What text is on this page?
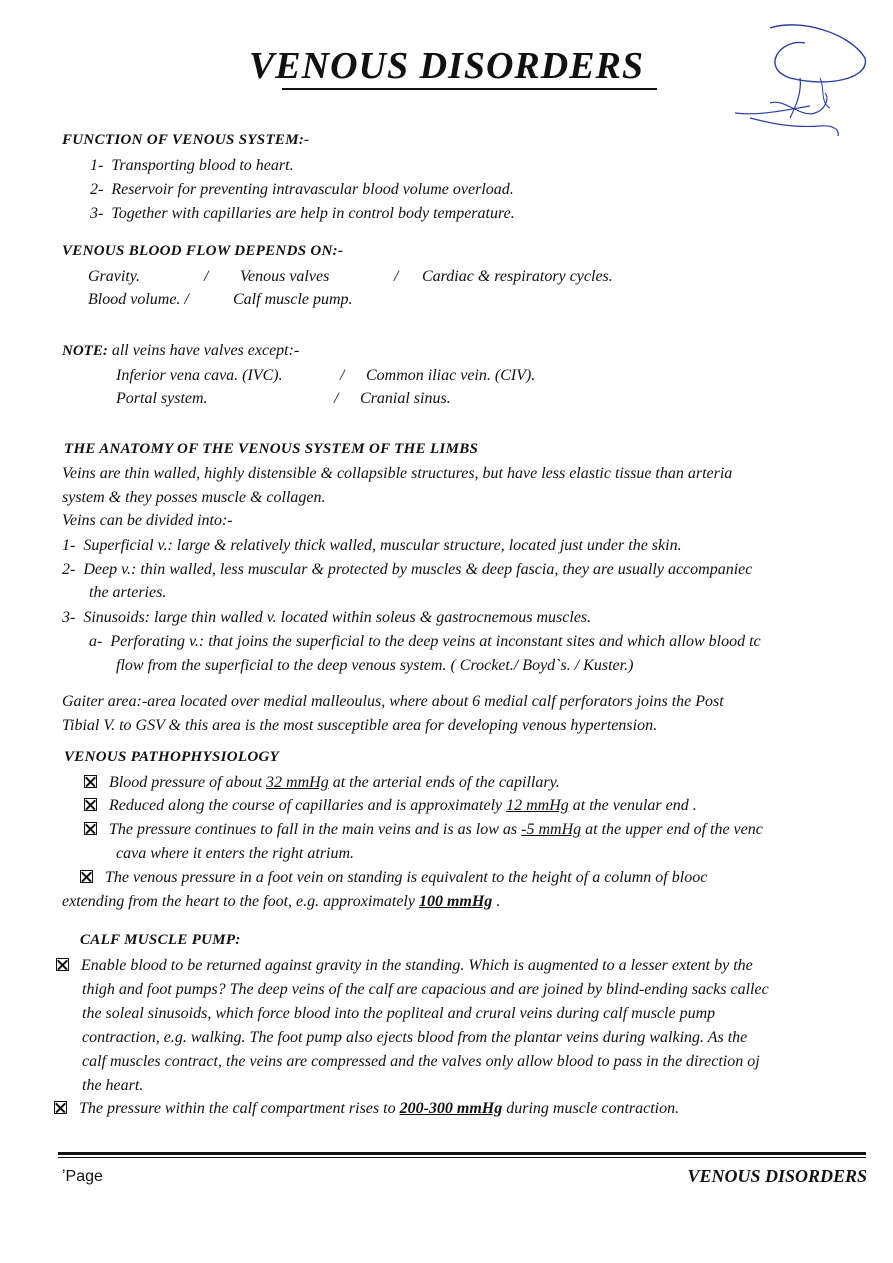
VENOUS DISORDERS
FUNCTION OF VENOUS SYSTEM:-
1- Transporting blood to heart.
2- Reservoir for preventing intravascular blood volume overload.
3- Together with capillaries are help in control body temperature.
VENOUS BLOOD FLOW DEPENDS ON:-
Gravity.	/ Venous valves	/ Cardiac & respiratory cycles.
Blood volume. /	Calf muscle pump.
NOTE: all veins have valves except:-
Inferior vena cava. (IVC).	/ Common iliac vein. (CIV).
Portal system.	/ Cranial sinus.
THE ANATOMY OF THE VENOUS SYSTEM OF THE LIMBS
Veins are thin walled, highly distensible & collapsible structures, but have less elastic tissue than arteria
system & they posses muscle & collagen.
Veins can be divided into:-
1- Superficial v.: large & relatively thick walled, muscular structure, located just under the skin.
2- Deep v.: thin walled, less muscular & protected by muscles & deep fascia, they are usually accompaniec
the arteries.
3- Sinusoids: large thin walled v. located within soleus & gastrocnemous muscles.
a- Perforating v.: that joins the superficial to the deep veins at inconstant sites and which allow blood tc
flow from the superficial to the deep venous system. ( Crocket./ Boyd`s. / Kuster.)
Gaiter area:-area located over medial malleoulus, where about 6 medial calf perforators joins the Post
Tibial V. to GSV & this area is the most susceptible area for developing venous hypertension.
VENOUS PATHOPHYSIOLOGY
Blood pressure of about 32 mmHg at the arterial ends of the capillary.
Reduced along the course of capillaries and is approximately 12 mmHg at the venular end .
The pressure continues to fall in the main veins and is as low as -5 mmHg at the upper end of the venc
cava where it enters the right atrium.
The venous pressure in a foot vein on standing is equivalent to the height of a column of blooc
extending from the heart to the foot, e.g. approximately 100 mmHg .
CALF MUSCLE PUMP:
Enable blood to be returned against gravity in the standing. Which is augmented to a lesser extent by the
thigh and foot pumps? The deep veins of the calf are capacious and are joined by blind-ending sacks callec
the soleal sinusoids, which force blood into the popliteal and crural veins during calf muscle pump
contraction, e.g. walking. The foot pump also ejects blood from the plantar veins during walking. As the
calf muscles contract, the veins are compressed and the valves only allow blood to pass in the direction oj
the heart.
The pressure within the calf compartment rises to 200-300 mmHg during muscle contraction.
ʼPage	VENOUS DISORDERS
